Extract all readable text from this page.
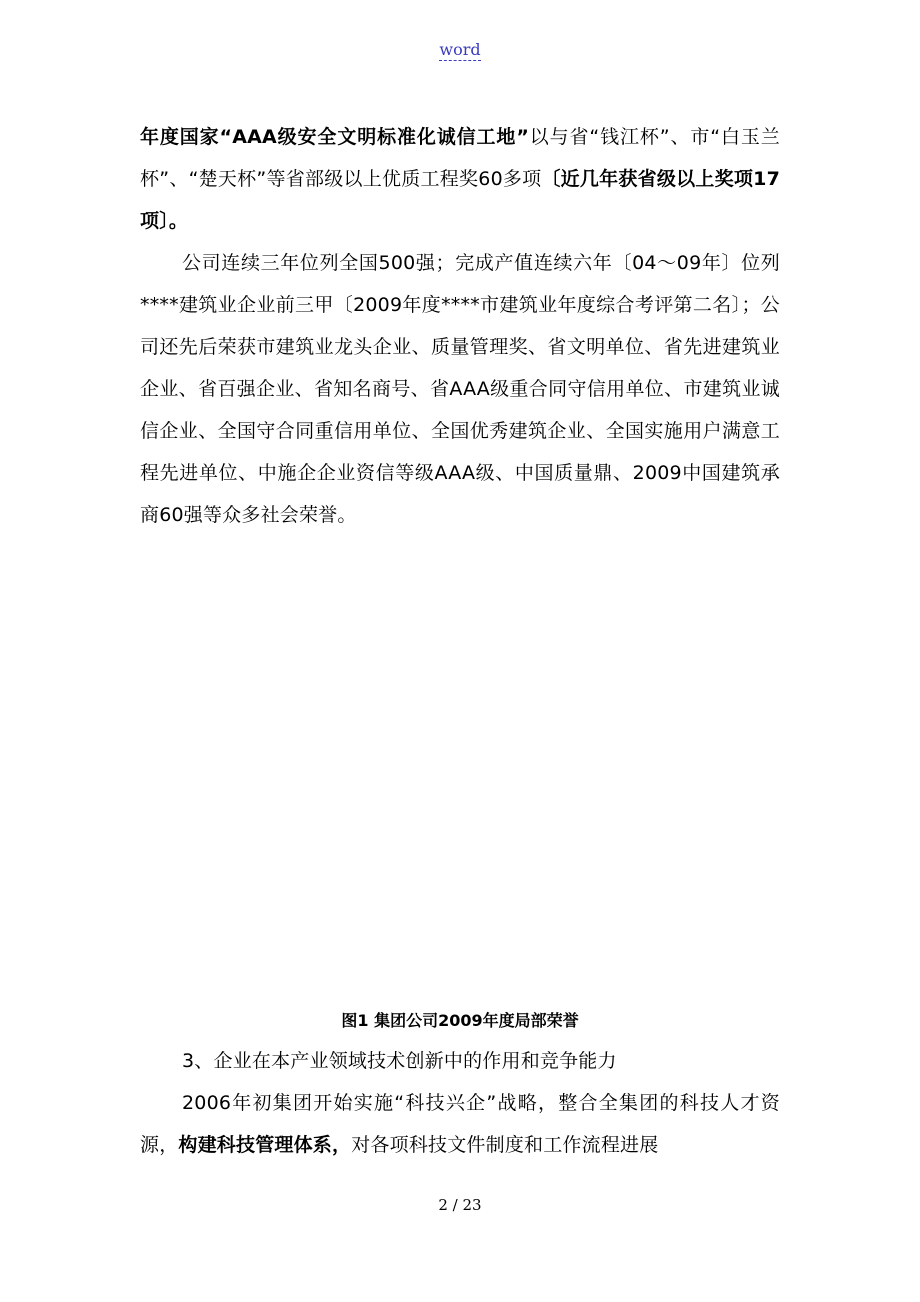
word

年度国家“AAA级安全文明标准化诚信工地”以与省“钱江杯”、市“白玉兰杯”、“楚天杯”等省部级以上优质工程奖60多项〔近几年获省级以上奖项17项〕。

公司连续三年位列全国500强；完成产值连续六年〔04～09年〕位列****建筑业企业前三甲〔2009年度****市建筑业年度综合考评第二名〕；公司还先后荣获市建筑业龙头企业、质量管理奖、省文明单位、省先进建筑业企业、省百强企业、省知名商号、省AAA级重合同守信用单位、市建筑业诚信企业、全国守合同重信用单位、全国优秀建筑企业、全国实施用户满意工程先进单位、中施企企业资信等级AAA级、中国质量鼎、2009中国建筑承商60强等众多社会荣誉。

图1 集团公司2009年度局部荣誉

3、企业在本产业领域技术创新中的作用和竞争能力

2006年初集团开始实施“科技兴企”战略，整合全集团的科技人才资源，构建科技管理体系，对各项科技文件制度和工作流程进展

2 / 23
